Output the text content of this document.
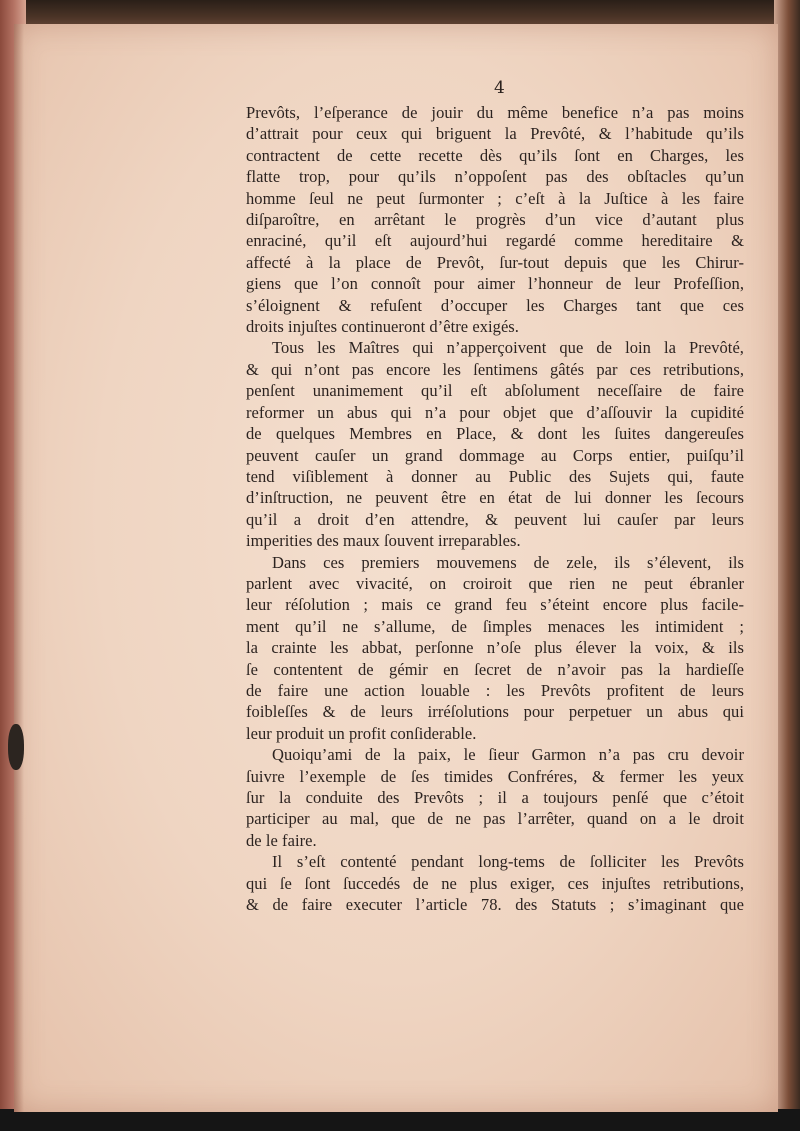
4
Prevôts, l’eſperance de jouir du même benefice n’a pas moins
d’attrait pour ceux qui briguent la Prevôté, & l’habitude qu’ils
contractent de cette recette dès qu’ils ſont en Charges, les
flatte trop, pour qu’ils n’oppoſent pas des obſtacles qu’un
homme ſeul ne peut ſurmonter ; c’eſt à la Juſtice à les faire
diſparoître, en arrêtant le progrès d’un vice d’autant plus
enraciné, qu’il eſt aujourd’hui regardé comme hereditaire &
affecté à la place de Prevôt, ſur-tout depuis que les Chirur-
giens que l’on connoît pour aimer l’honneur de leur Profeſſion,
s’éloignent & refuſent d’occuper les Charges tant que ces
droits injuſtes continueront d’être exigés.
Tous les Maîtres qui n’apperçoivent que de loin la Prevôté,
& qui n’ont pas encore les ſentimens gâtés par ces retributions,
penſent unanimement qu’il eſt abſolument neceſſaire de faire
reformer un abus qui n’a pour objet que d’aſſouvir la cupidité
de quelques Membres en Place, & dont les ſuites dangereuſes
peuvent cauſer un grand dommage au Corps entier, puiſqu’il
tend viſiblement à donner au Public des Sujets qui, faute
d’inſtruction, ne peuvent être en état de lui donner les ſecours
qu’il a droit d’en attendre, & peuvent lui cauſer par leurs
imperities des maux ſouvent irreparables.
Dans ces premiers mouvemens de zele, ils s’élevent, ils
parlent avec vivacité, on croiroit que rien ne peut ébranler
leur réſolution ; mais ce grand feu s’éteint encore plus facile-
ment qu’il ne s’allume, de ſimples menaces les intimident ;
la crainte les abbat, perſonne n’oſe plus élever la voix, & ils
ſe contentent de gémir en ſecret de n’avoir pas la hardieſſe
de faire une action louable : les Prevôts profitent de leurs
foibleſſes & de leurs irréſolutions pour perpetuer un abus qui
leur produit un profit conſiderable.
Quoiqu’ami de la paix, le ſieur Garmon n’a pas cru devoir
ſuivre l’exemple de ſes timides Confréres, & fermer les yeux
ſur la conduite des Prevôts ; il a toujours penſé que c’étoit
participer au mal, que de ne pas l’arrêter, quand on a le droit
de le faire.
Il s’eſt contenté pendant long-tems de ſolliciter les Prevôts
qui ſe ſont ſuccedés de ne plus exiger, ces injuſtes retributions,
& de faire executer l’article 78. des Statuts ; s’imaginant que
